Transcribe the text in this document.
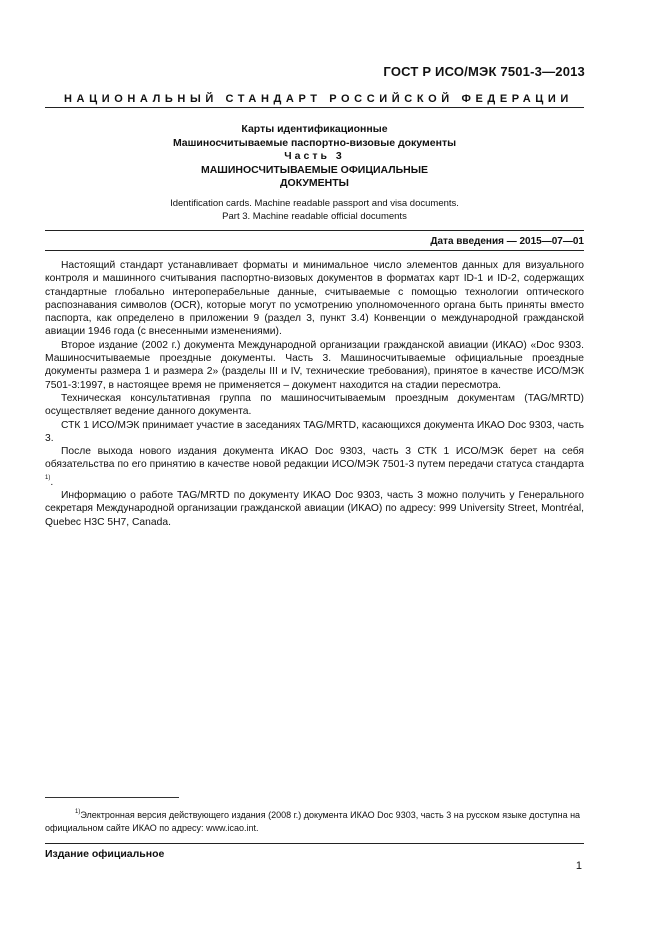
ГОСТ Р ИСО/МЭК 7501-3—2013
НАЦИОНАЛЬНЫЙ СТАНДАРТ РОССИЙСКОЙ ФЕДЕРАЦИИ
Карты идентификационные
Машиносчитываемые паспортно-визовые документы
Часть 3
МАШИНОСЧИТЫВАЕМЫЕ ОФИЦИАЛЬНЫЕ
ДОКУМЕНТЫ
Identification cards. Machine readable passport and visa documents.
Part 3. Machine readable official documents
Дата введения — 2015—07—01

Настоящий стандарт устанавливает форматы и минимальное число элементов данных для визуального контроля и машинного считывания паспортно-визовых документов в форматах карт ID-1 и ID-2, содержащих стандартные глобально интероперабельные данные, считываемые с помощью технологии оптического распознавания символов (OCR), которые могут по усмотрению уполномоченного органа быть приняты вместо паспорта, как определено в приложении 9 (раздел 3, пункт 3.4) Конвенции о международной гражданской авиации 1946 года (с внесенными изменениями).

Второе издание (2002 г.) документа Международной организации гражданской авиации (ИКАО) «Doc 9303. Машиносчитываемые проездные документы. Часть 3. Машиносчитываемые официальные проездные документы размера 1 и размера 2» (разделы III и IV, технические требования), принятое в качестве ИСО/МЭК 7501-3:1997, в настоящее время не применяется – документ находится на стадии пересмотра.

Техническая консультативная группа по машиносчитываемым проездным документам (TAG/MRTD) осуществляет ведение данного документа.

СТК 1 ИСО/МЭК принимает участие в заседаниях TAG/MRTD, касающихся документа ИКАО Doc 9303, часть 3.

После выхода нового издания документа ИКАО Doc 9303, часть 3 СТК 1 ИСО/МЭК берет на себя обязательства по его принятию в качестве новой редакции ИСО/МЭК 7501-3 путем передачи статуса стандарта $^{1)}$.

Информацию о работе TAG/MRTD по документу ИКАО Doc 9303, часть 3 можно получить у Генерального секретаря Международной организации гражданской авиации (ИКАО) по адресу: 999 University Street, Montréal, Quebec H3C 5H7, Canada.

$^{1)}$Электронная версия действующего издания (2008 г.) документа ИКАО Doc 9303, часть 3 на русском языке доступна на официальном сайте ИКАО по адресу: www.icao.int.

Издание официальное
1
